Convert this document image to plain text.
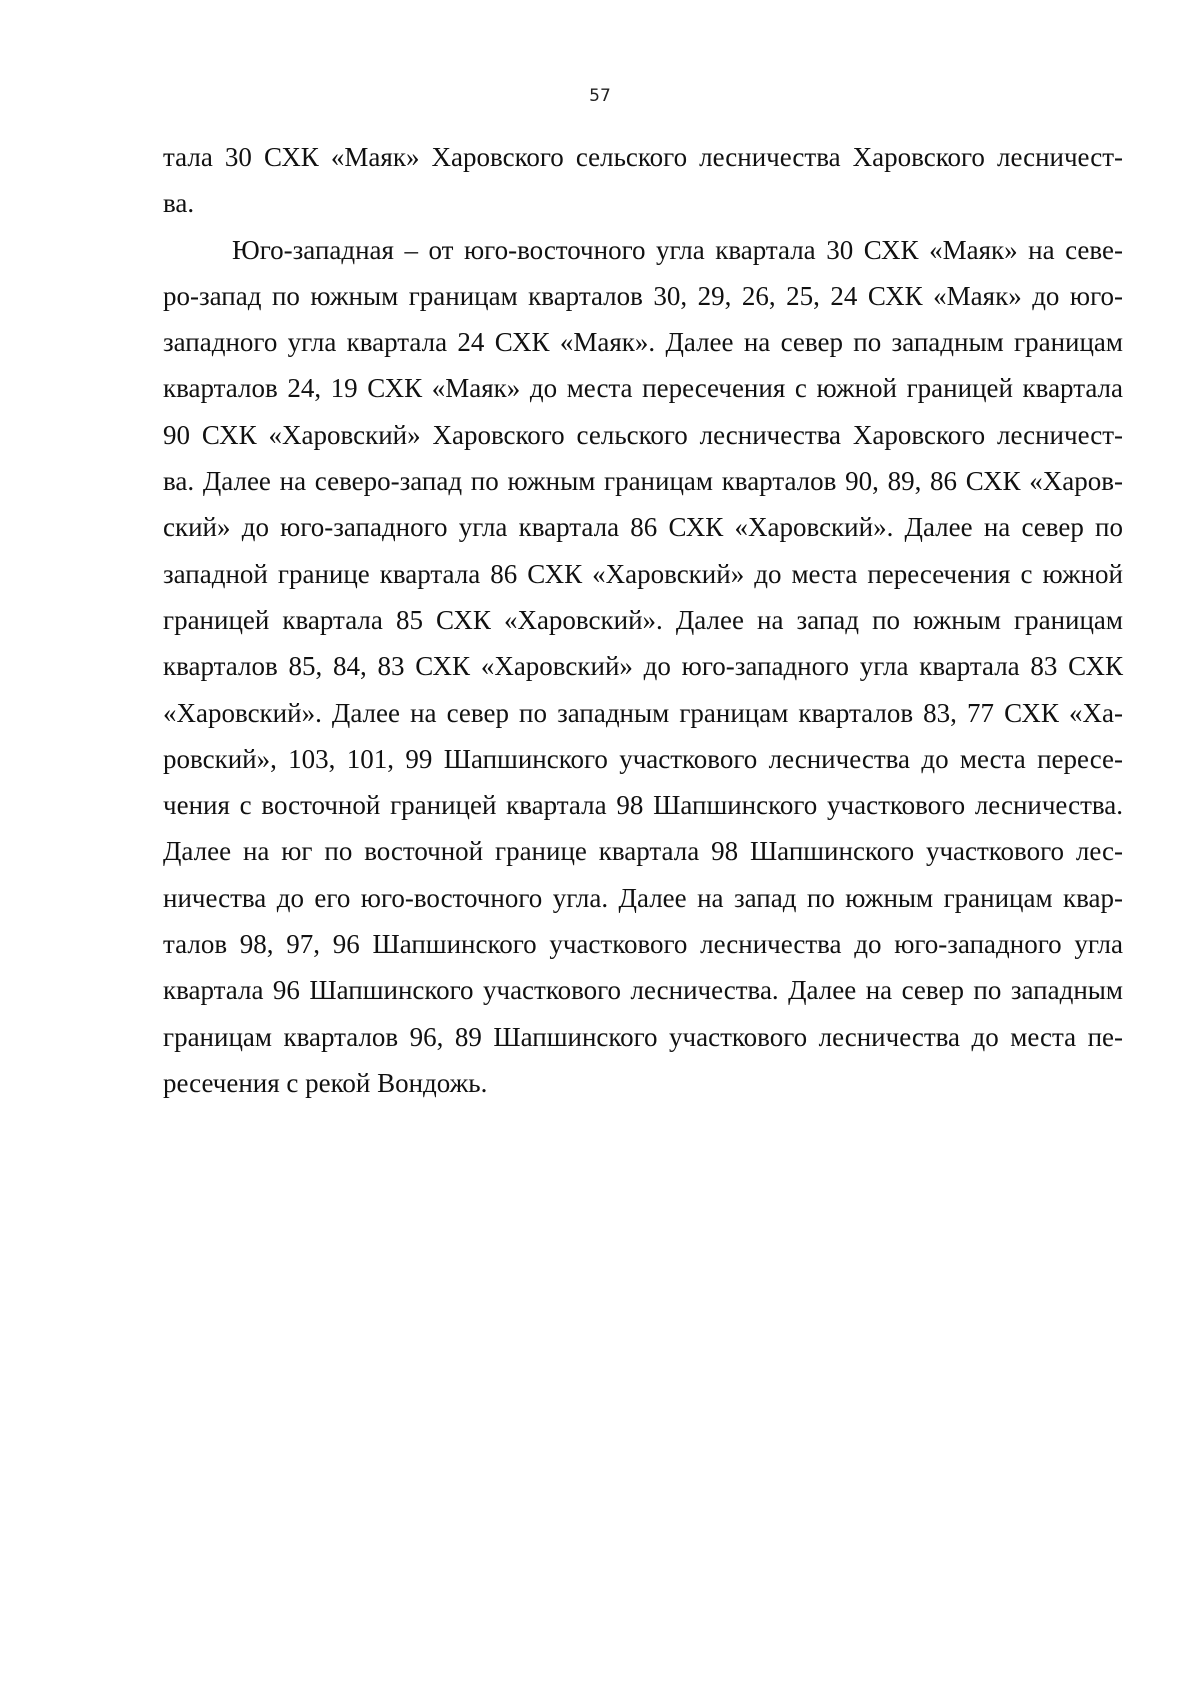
57
тала 30 СХК «Маяк» Харовского сельского лесничества Харовского лесничест-
ва.
Юго-западная – от юго-восточного угла квартала 30 СХК «Маяк» на севе-
ро-запад по южным границам кварталов 30, 29, 26, 25, 24 СХК «Маяк» до юго-
западного угла квартала 24 СХК «Маяк». Далее на север по западным границам
кварталов 24, 19 СХК «Маяк» до места пересечения с южной границей квартала
90 СХК «Харовский» Харовского сельского лесничества Харовского лесничест-
ва. Далее на северо-запад по южным границам кварталов 90, 89, 86 СХК «Харов-
ский» до юго-западного угла квартала 86 СХК «Харовский». Далее на север по
западной границе квартала 86 СХК «Харовский» до места пересечения с южной
границей квартала 85 СХК «Харовский». Далее на запад по южным границам
кварталов 85, 84, 83 СХК «Харовский» до юго-западного угла квартала 83 СХК
«Харовский». Далее на север по западным границам кварталов 83, 77 СХК «Ха-
ровский», 103, 101, 99 Шапшинского участкового лесничества до места пересе-
чения с восточной границей квартала 98 Шапшинского участкового лесничества.
Далее на юг по восточной границе квартала 98 Шапшинского участкового лес-
ничества до его юго-восточного угла. Далее на запад по южным границам квар-
талов 98, 97, 96 Шапшинского участкового лесничества до юго-западного угла
квартала 96 Шапшинского участкового лесничества. Далее на север по западным
границам кварталов 96, 89 Шапшинского участкового лесничества до места пе-
ресечения с рекой Вондожь.
